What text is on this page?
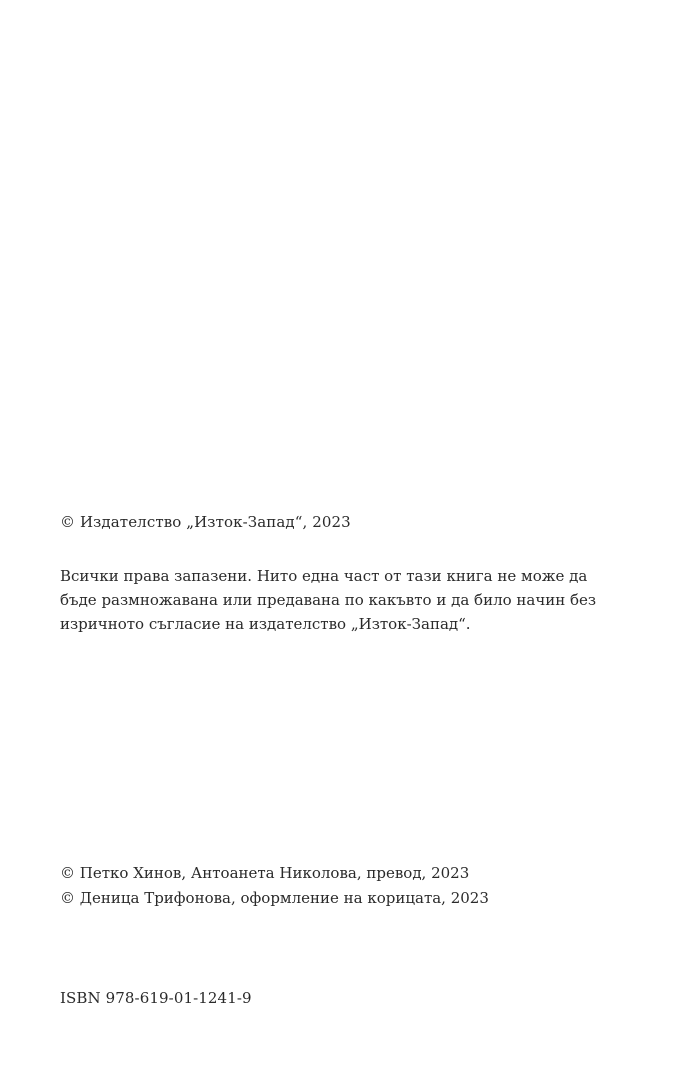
© Издателство „Изток-Запад“, 2023
Всички права запазени. Нито една част от тази книга не може да
бъде размножавана или предавана по какъвто и да било начин без
изричното съгласие на издателство „Изток-Запад“.
© Петко Хинов, Антоанета Николова, превод, 2023
© Деница Трифонова, оформление на корицата, 2023
ISBN 978-619-01-1241-9
